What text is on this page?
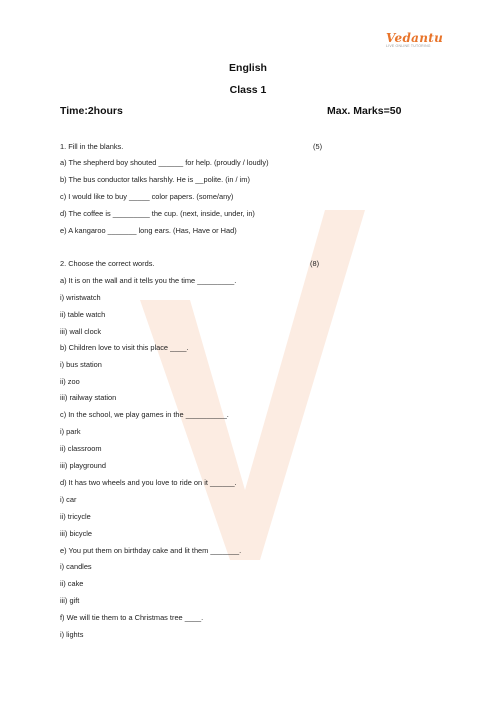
Vedantu
LIVE ONLINE TUTORING
English
Class 1
Time:2hours	Max. Marks=50
1. Fill in the blanks.	(5)
a) The shepherd boy shouted ______ for help. (proudly / loudly)
b) The bus conductor talks harshly. He is __polite. (in / im)
c) I would like to buy _____ color papers. (some/any)
d) The coffee is _________ the cup. (next, inside, under, in)
e) A kangaroo _______ long ears. (Has, Have or Had)
2. Choose the correct words.	(8)
a) It is on the wall and it tells you the time _________.
i) wristwatch
ii) table watch
iii) wall clock
b) Children love to visit this place ____.
i) bus station
ii) zoo
iii) railway station
c) In the school, we play games in the __________.
i) park
ii) classroom
iii) playground
d) It has two wheels and you love to ride on it ______.
i) car
ii) tricycle
iii) bicycle
e) You put them on birthday cake and lit them _______.
i) candles
ii) cake
iii) gift
f) We will tie them to a Christmas tree ____.
i) lights
